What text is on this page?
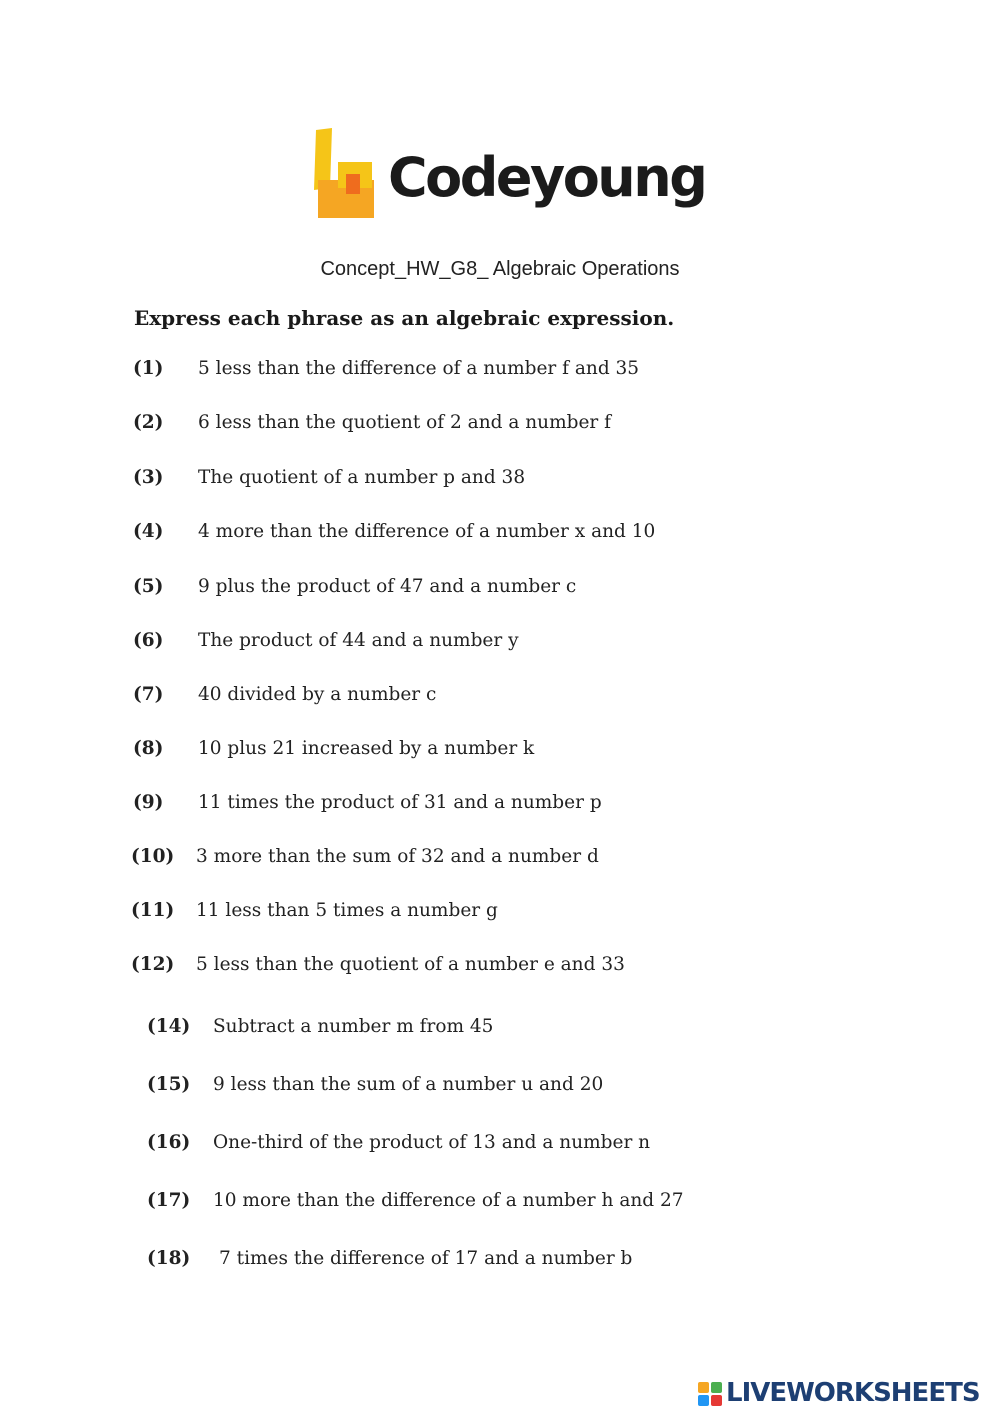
Codeyoung
Concept_HW_G8_ Algebraic Operations
Express each phrase as an algebraic expression.
(1) 5 less than the difference of a number f and 35
(2) 6 less than the quotient of 2 and a number f
(3) The quotient of a number p and 38
(4) 4 more than the difference of a number x and 10
(5) 9 plus the product of 47 and a number c
(6) The product of 44 and a number y
(7) 40 divided by a number c
(8) 10 plus 21 increased by a number k
(9) 11 times the product of 31 and a number p
(10) 3 more than the sum of 32 and a number d
(11) 11 less than 5 times a number g
(12) 5 less than the quotient of a number e and 33
(14) Subtract a number m from 45
(15) 9 less than the sum of a number u and 20
(16) One-third of the product of 13 and a number n
(17) 10 more than the difference of a number h and 27
(18) 7 times the difference of 17 and a number b
LIVEWORKSHEETS
